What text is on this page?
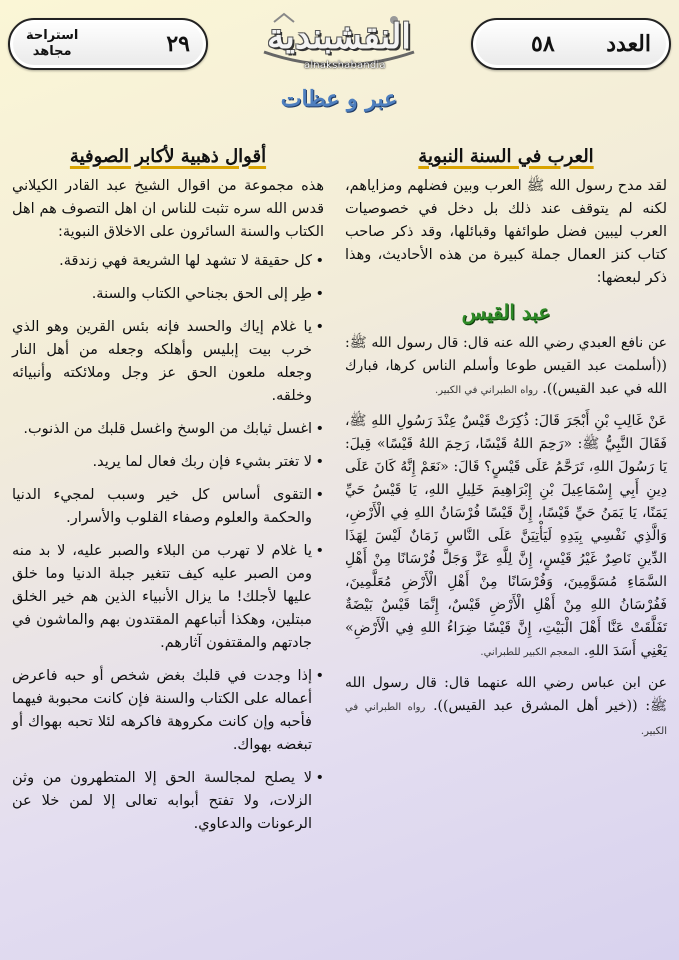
العدد
٥٨
النقشبندية
alnakshabandia
٢٩
استراحة
مجاهد
عبر و عظات
العرب في السنة النبوية

لقد مدح رسول الله ﷺ العرب وبين فضلهم ومزاياهم، لكنه لم يتوقف عند ذلك بل دخل في خصوصيات العرب ليبين فضل طوائفها وقبائلها، وقد ذكر صاحب كتاب كنز العمال جملة كبيرة من هذه الأحاديث، وهذا ذكر لبعضها:

عبد القيس

عن نافع العبدي رضي الله عنه قال: قال رسول الله ﷺ: ((أسلمت عبد القيس طوعا وأسلم الناس كرها، فبارك الله في عبد القيس)). رواه الطبراني في الكبير.

عَنْ غَالِبِ بْنِ أَبْجَرَ قَالَ: ذُكِرَتْ قَيْسٌ عِنْدَ رَسُولِ اللهِ ﷺ، فَقَالَ النَّبِيُّ ﷺ: «رَحِمَ اللهُ قَيْسًا، رَحِمَ اللهُ قَيْسًا» قِيلَ: يَا رَسُولَ اللهِ، تَرَحَّمُ عَلَى قَيْسٍ؟ قَالَ: «نَعَمْ إِنَّهُ كَانَ عَلَى دِينِ أَبِي إِسْمَاعِيلَ بْنِ إِبْرَاهِيمَ خَلِيلِ اللهِ، يَا قَيْسُ حَيِّ يَمَنًا، يَا يَمَنُ حَيِّ قَيْسًا، إِنَّ قَيْسًا فُرْسَانُ اللهِ فِي الْأَرْضِ، وَالَّذِي نَفْسِي بِيَدِهِ لَيَأْتِيَنَّ عَلَى النَّاسِ زَمَانٌ لَيْسَ لِهَذَا الدِّينِ نَاصِرٌ غَيْرُ قَيْسٍ، إِنَّ لِلَّهِ عَزَّ وَجَلَّ فُرْسَانًا مِنْ أَهْلِ السَّمَاءِ مُسَوَّمِينَ، وَفُرْسَانًا مِنْ أَهْلِ الْأَرْضِ مُعَلَّمِينَ، فَفُرْسَانُ اللهِ مِنْ أَهْلِ الْأَرْضِ قَيْسٌ، إِنَّمَا قَيْسٌ بَيْضَةٌ تَفَلَّقَتْ عَنَّا أَهْلَ الْبَيْتِ، إِنَّ قَيْسًا ضِرَاءُ اللهِ فِي الْأَرْضِ» يَعْنِي أَسَدَ اللهِ. المعجم الكبير للطبراني.

عن ابن عباس رضي الله عنهما قال: قال رسول الله ﷺ: ((خير أهل المشرق عبد القيس)). رواه الطبراني في الكبير.

أقوال ذهبية لأكابر الصوفية

هذه مجموعة من اقوال الشيخ عبد القادر الكيلاني قدس الله سره تثبت للناس ان اهل التصوف هم اهل الكتاب والسنة السائرون على الاخلاق النبوية:

• كل حقيقة لا تشهد لها الشريعة فهي زندقة.
• طِر إلى الحق بجناحي الكتاب والسنة.
• يا غلام إياك والحسد فإنه بئس القرين وهو الذي خرب بيت إبليس وأهلكه وجعله من أهل النار وجعله ملعون الحق عز وجل وملائكته وأنبيائه وخلقه.
• اغسل ثيابك من الوسخ واغسل قلبك من الذنوب.
• لا تغتر بشيء فإن ربك فعال لما يريد.
• التقوى أساس كل خير وسبب لمجيء الدنيا والحكمة والعلوم وصفاء القلوب والأسرار.
• يا غلام لا تهرب من البلاء والصبر عليه، لا بد منه ومن الصبر عليه كيف تتغير جبلة الدنيا وما خلق عليها لأجلك! ما يزال الأنبياء الذين هم خير الخلق مبتلين، وهكذا أتباعهم المقتدون بهم والماشون في جادتهم والمقتفون آثارهم.
• إذا وجدت في قلبك بغض شخص أو حبه فاعرض أعماله على الكتاب والسنة فإن كانت محبوبة فيهما فأحبه وإن كانت مكروهة فاكرهه لئلا تحبه بهواك أو تبغضه بهواك.
• لا يصلح لمجالسة الحق إلا المتطهرون من وثن الزلات، ولا تفتح أبوابه تعالى إلا لمن خلا عن الرعونات والدعاوي.
